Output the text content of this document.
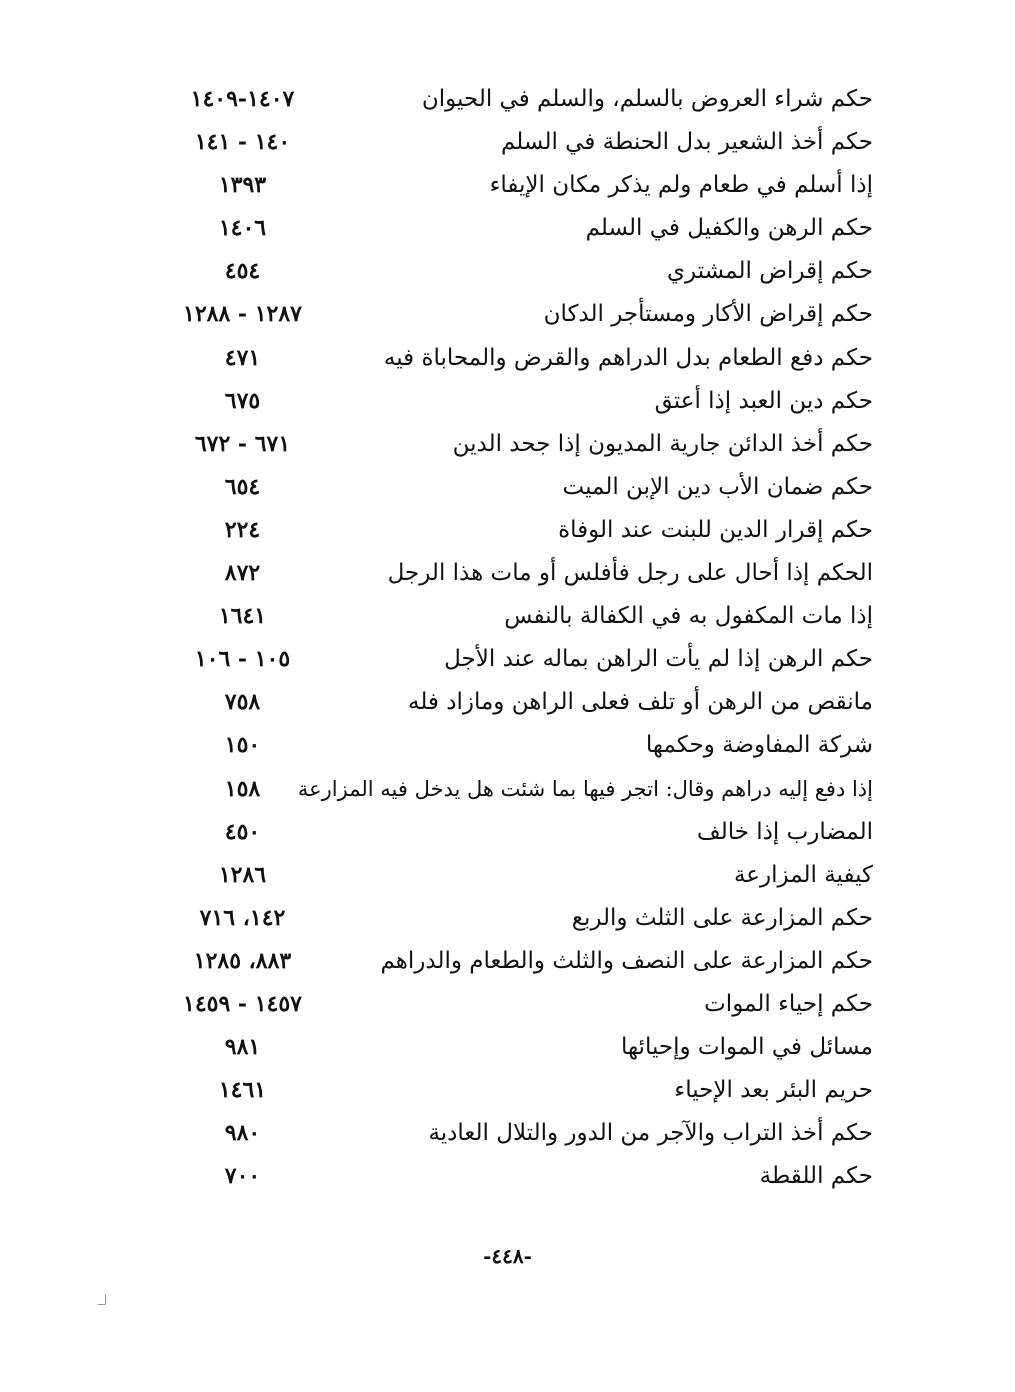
حكم شراء العروض بالسلم، والسلم في الحيوان
١٤٠٧-١٤٠٩
حكم أخذ الشعير بدل الحنطة في السلم
١٤٠ - ١٤١
إذا أسلم في طعام ولم يذكر مكان الإيفاء
١٣٩٣
حكم الرهن والكفيل في السلم
١٤٠٦
حكم إقراض المشتري
٤٥٤
حكم إقراض الأكار ومستأجر الدكان
١٢٨٧ - ١٢٨٨
حكم دفع الطعام بدل الدراهم والقرض والمحاباة فيه
٤٧١
حكم دين العبد إذا أعتق
٦٧٥
حكم أخذ الدائن جارية المديون إذا جحد الدين
٦٧١ - ٦٧٢
حكم ضمان الأب دين الإبن الميت
٦٥٤
حكم إقرار الدين للبنت عند الوفاة
٢٢٤
الحكم إذا أحال على رجل فأفلس أو مات هذا الرجل
٨٧٢
إذا مات المكفول به في الكفالة بالنفس
١٦٤١
حكم الرهن إذا لم يأت الراهن بماله عند الأجل
١٠٥ - ١٠٦
مانقص من الرهن أو تلف فعلى الراهن ومازاد فله
٧٥٨
شركة المفاوضة وحكمها
١٥٠
إذا دفع إليه دراهم وقال: اتجر فيها بما شئت هل يدخل فيه المزارعة
١٥٨
المضارب إذا خالف
٤٥٠
كيفية المزارعة
١٢٨٦
حكم المزارعة على الثلث والربع
١٤٢، ٧١٦
حكم المزارعة على النصف والثلث والطعام والدراهم
٨٨٣، ١٢٨٥
حكم إحياء الموات
١٤٥٧ - ١٤٥٩
مسائل في الموات وإحيائها
٩٨١
حريم البئر بعد الإحياء
١٤٦١
حكم أخذ التراب والآجر من الدور والتلال العادية
٩٨٠
حكم اللقطة
٧٠٠
-٤٤٨-
